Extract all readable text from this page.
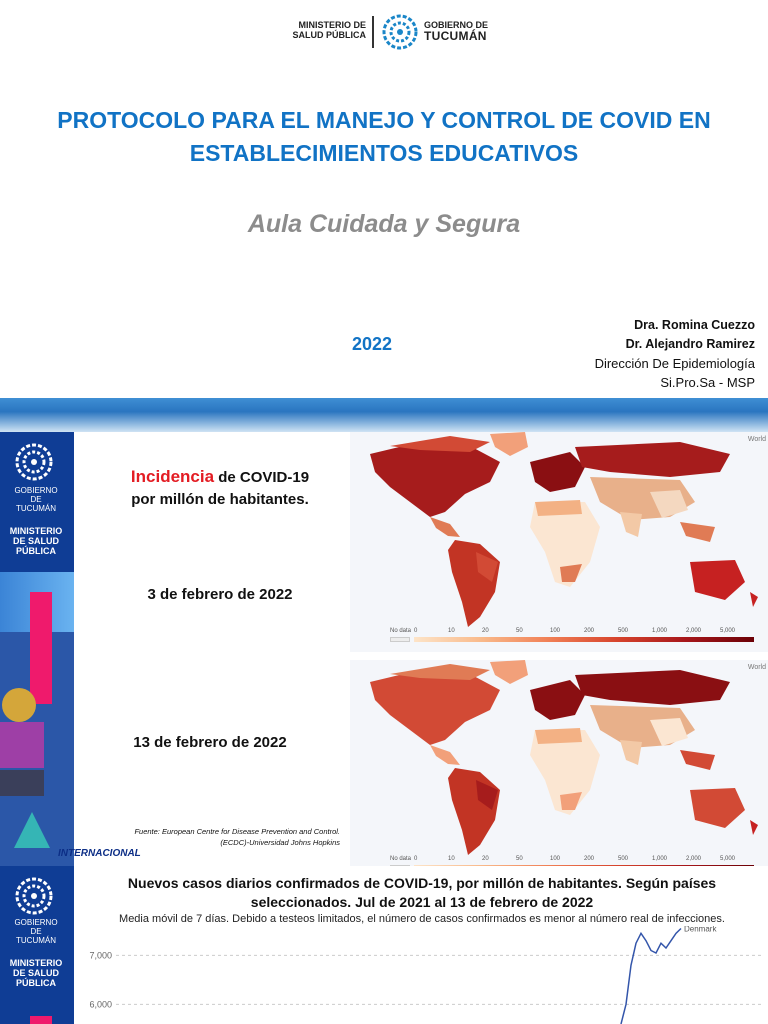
MINISTERIO DE
SALUD PÚBLICA
GOBIERNO DE
TUCUMÁN
PROTOCOLO PARA EL MANEJO Y CONTROL DE COVID EN
ESTABLECIMIENTOS EDUCATIVOS
Aula Cuidada y Segura
2022
Dra. Romina Cuezzo
Dr. Alejandro Ramirez
Dirección De Epidemiología
Si.Pro.Sa - MSP
GOBIERNO
DE
TUCUMÁN
MINISTERIO
DE SALUD
PÚBLICA
Incidencia de COVID-19
por millón de habitantes.
3 de febrero de 2022
13 de febrero de 2022
Fuente: European Centre for Disease Prevention and Control.
(ECDC)-Universidad Johns Hopkins
INTERNACIONAL
World
No data 0	10	20	50	100	200	500	1,000	2,000	5,000
World
No data 0	10	20	50	100	200	500	1,000	2,000	5,000
GOBIERNO
DE
TUCUMÁN
MINISTERIO
DE SALUD
PÚBLICA
Nuevos casos diarios confirmados de COVID-19, por millón de habitantes. Según países
seleccionados. Jul de 2021 al 13 de febrero de 2022
Media móvil de 7 días. Debido a testeos limitados, el número de casos confirmados es menor al número real de infecciones.
7,000
6,000
Denmark
